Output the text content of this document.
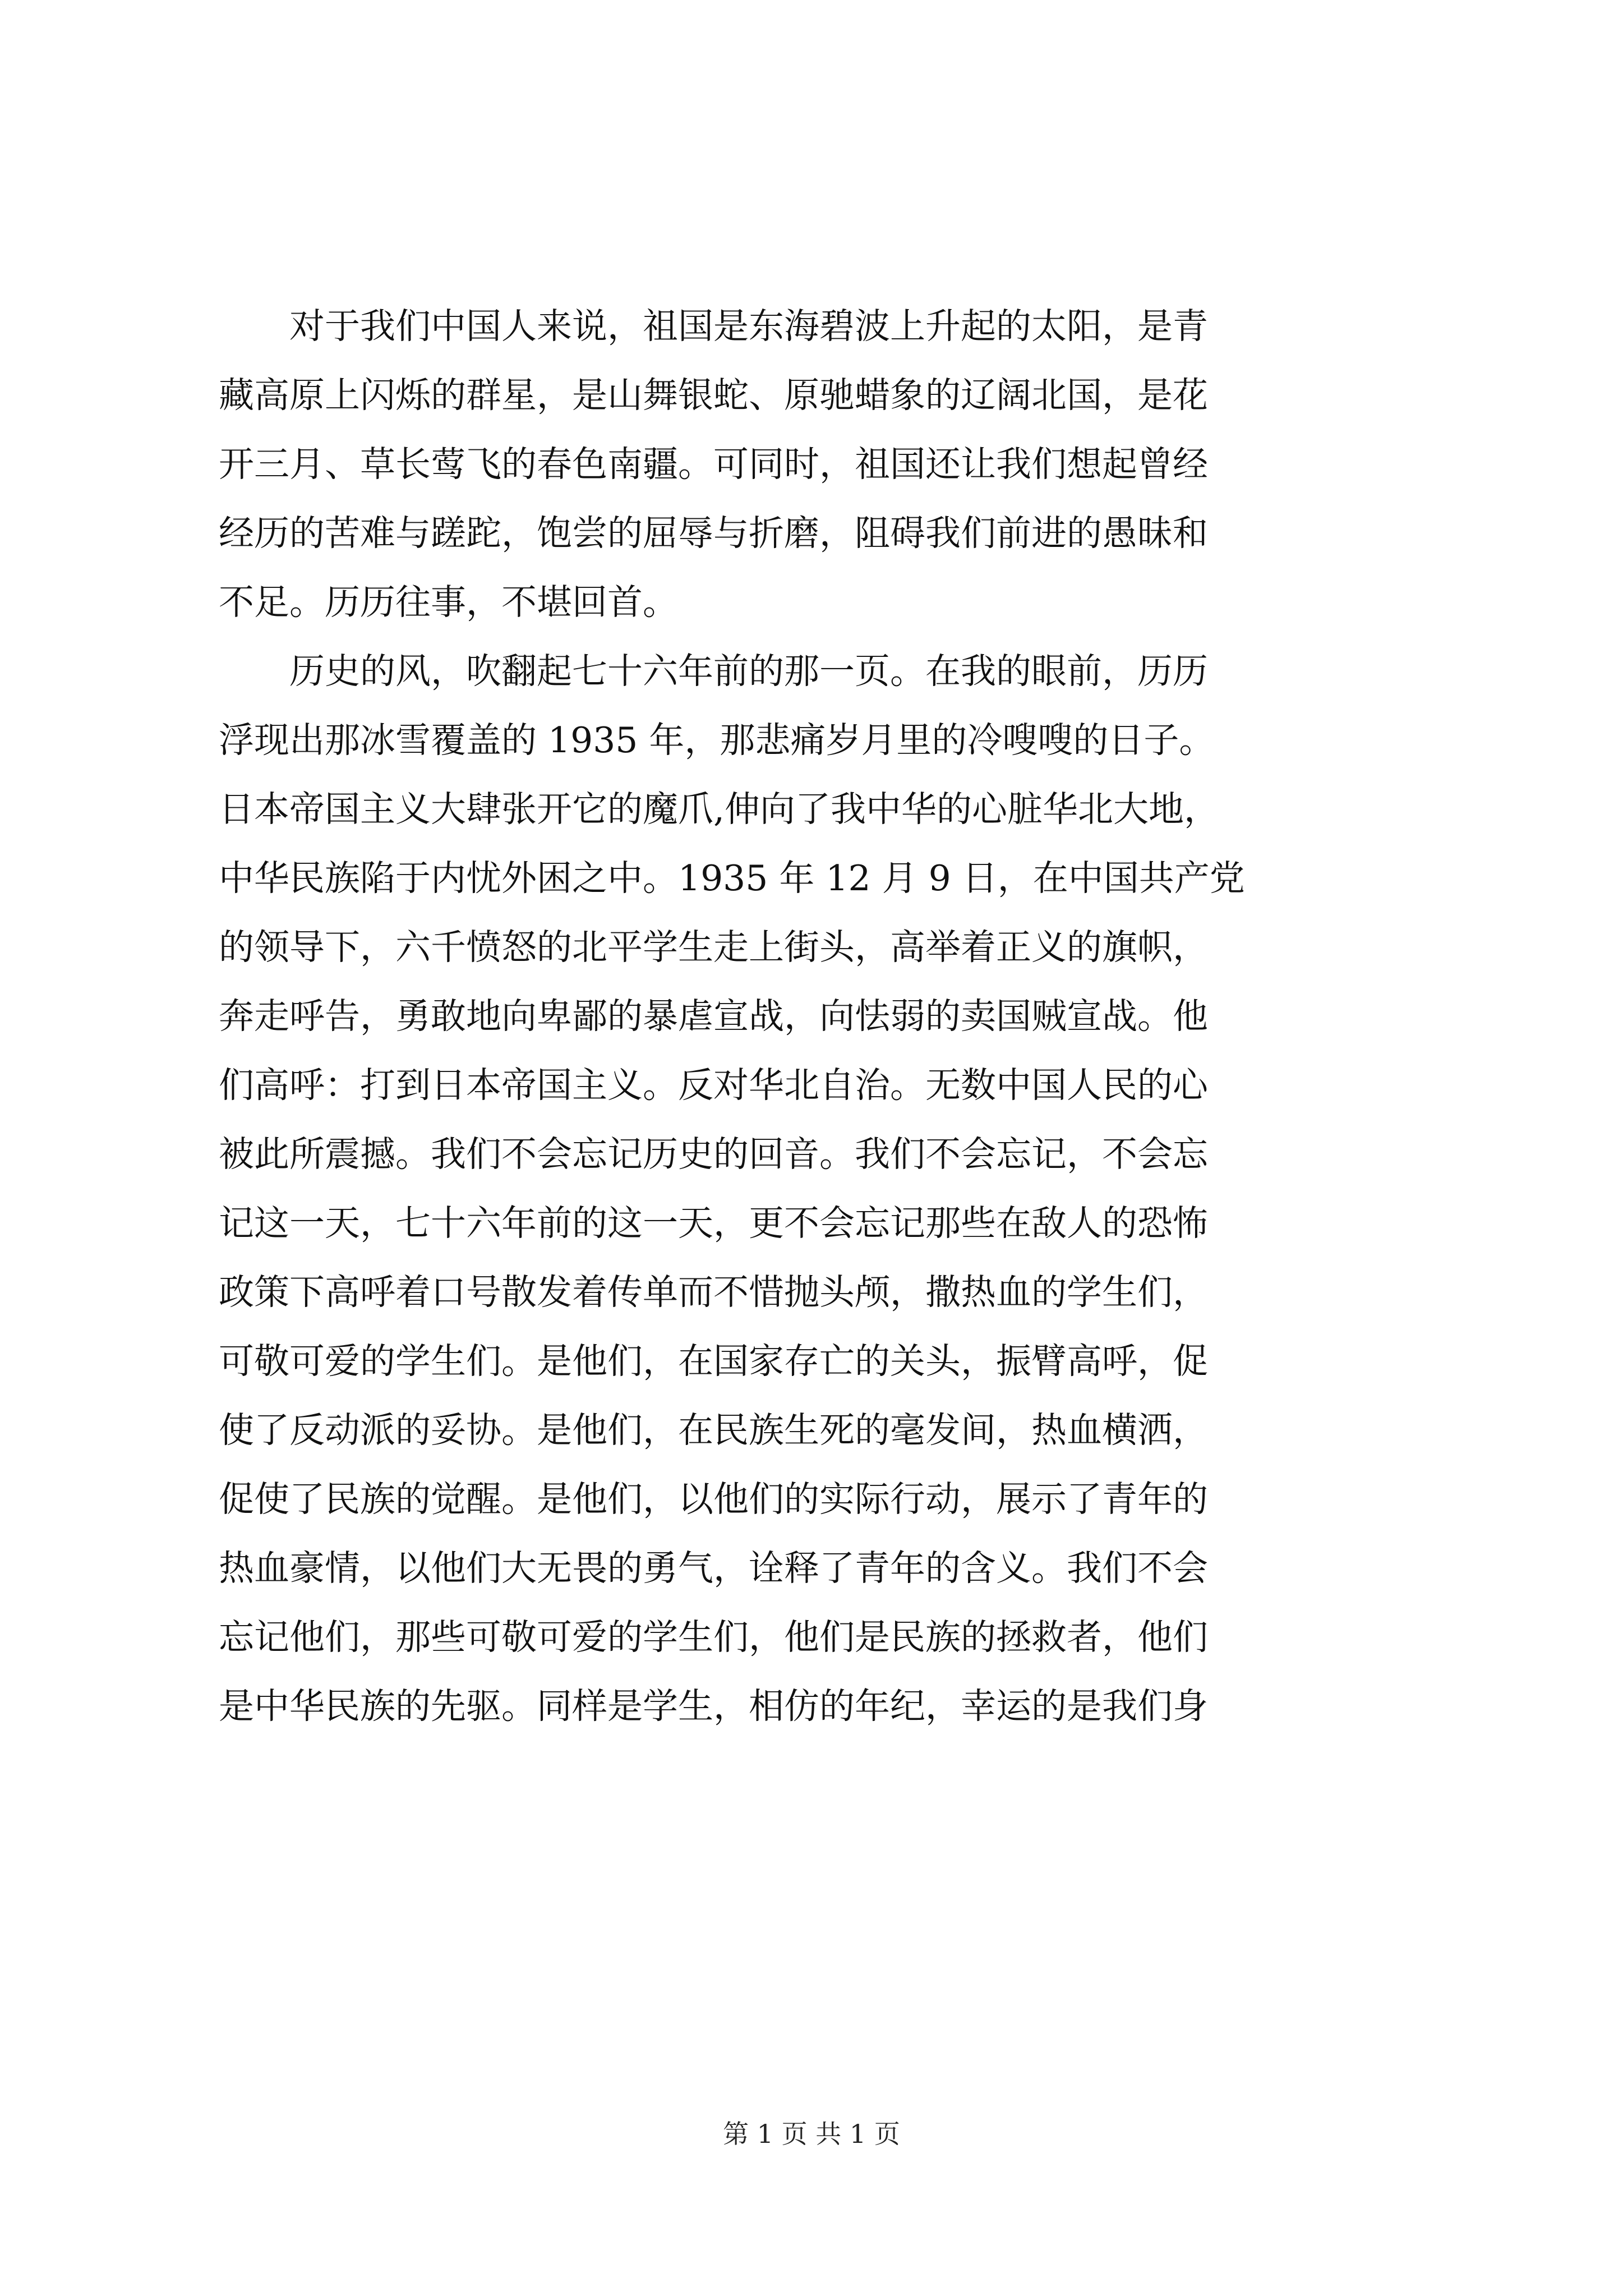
　　对于我们中国人来说，祖国是东海碧波上升起的太阳，是青
藏高原上闪烁的群星，是山舞银蛇、原驰蜡象的辽阔北国，是花
开三月、草长莺飞的春色南疆。可同时，祖国还让我们想起曾经
经历的苦难与蹉跎，饱尝的屈辱与折磨，阻碍我们前进的愚昧和
不足。历历往事，不堪回首。
　　历史的风，吹翻起七十六年前的那一页。在我的眼前，历历
浮现出那冰雪覆盖的 1935 年，那悲痛岁月里的冷嗖嗖的日子。
日本帝国主义大肆张开它的魔爪,伸向了我中华的心脏华北大地，
中华民族陷于内忧外困之中。1935 年 12 月 9 日，在中国共产党
的领导下，六千愤怒的北平学生走上街头，高举着正义的旗帜，
奔走呼告，勇敢地向卑鄙的暴虐宣战，向怯弱的卖国贼宣战。他
们高呼：打到日本帝国主义。反对华北自治。无数中国人民的心
被此所震撼。我们不会忘记历史的回音。我们不会忘记，不会忘
记这一天，七十六年前的这一天，更不会忘记那些在敌人的恐怖
政策下高呼着口号散发着传单而不惜抛头颅，撒热血的学生们，
可敬可爱的学生们。是他们，在国家存亡的关头，振臂高呼，促
使了反动派的妥协。是他们，在民族生死的毫发间，热血横洒，
促使了民族的觉醒。是他们，以他们的实际行动，展示了青年的
热血豪情，以他们大无畏的勇气，诠释了青年的含义。我们不会
忘记他们，那些可敬可爱的学生们，他们是民族的拯救者，他们
是中华民族的先驱。同样是学生，相仿的年纪，幸运的是我们身
第 1 页 共 1 页
